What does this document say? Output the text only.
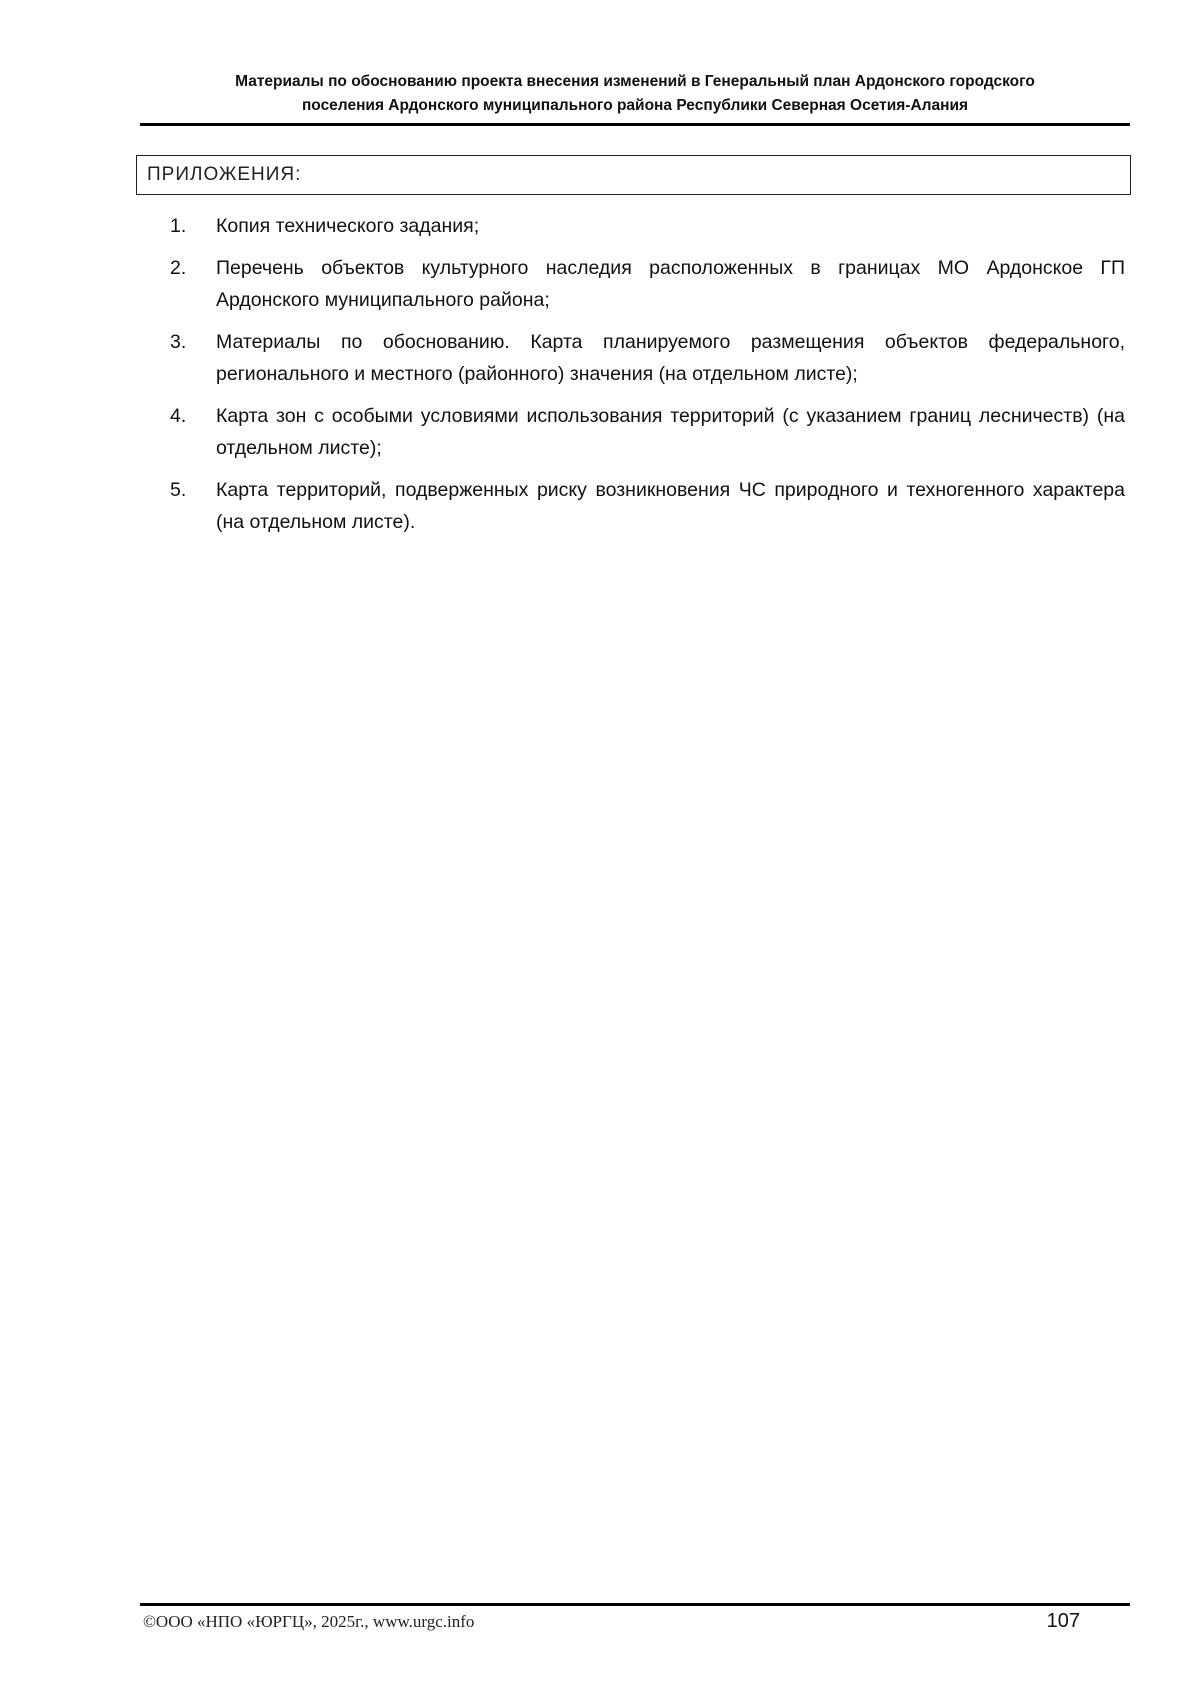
Материалы по обоснованию проекта внесения изменений в Генеральный план Ардонского городского
поселения Ардонского муниципального района Республики Северная Осетия-Алания
ПРИЛОЖЕНИЯ:
1.	Копия технического задания;
2.	Перечень объектов культурного наследия расположенных в границах МО Ардонское ГП Ардонского муниципального района;
3.	Материалы по обоснованию. Карта планируемого размещения объектов федерального, регионального и местного (районного) значения (на отдельном листе);
4.	Карта зон с особыми условиями использования территорий (с указанием границ лесничеств) (на отдельном листе);
5.	Карта территорий, подверженных риску возникновения ЧС природного и техногенного характера (на отдельном листе).
©ООО «НПО «ЮРГЦ», 2025г., www.urgc.info	107
